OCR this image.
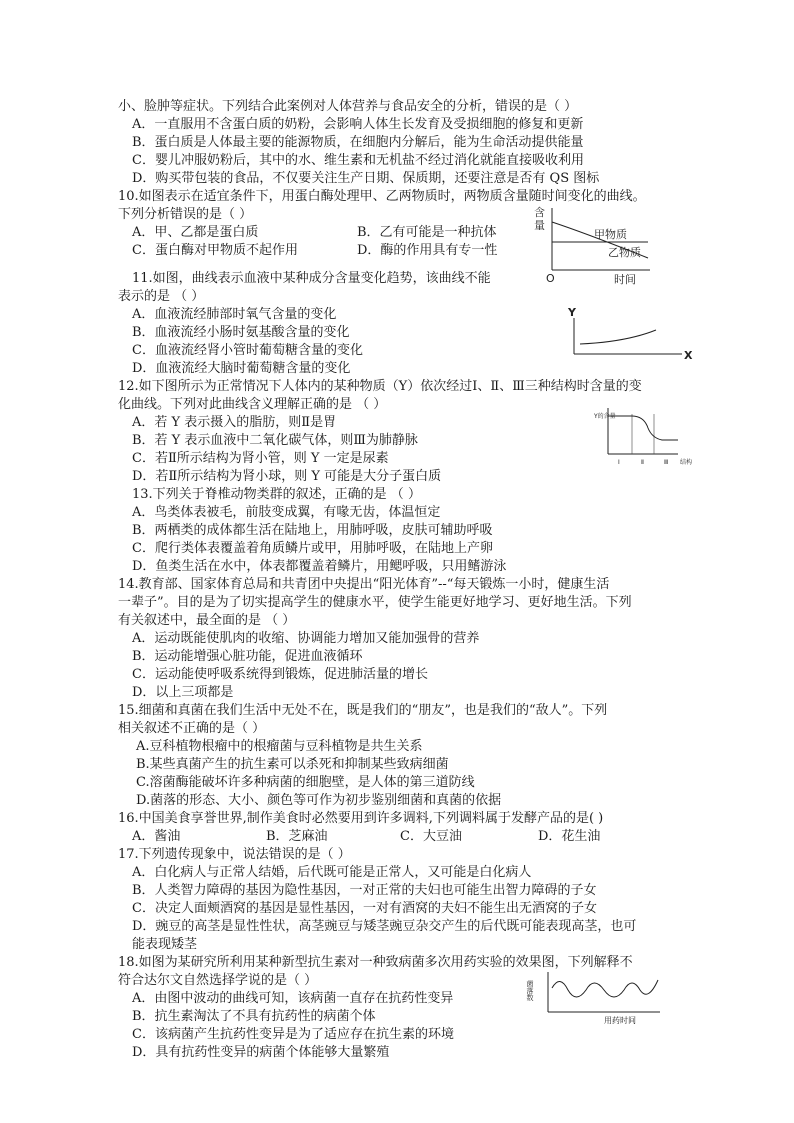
小、脸肿等症状。下列结合此案例对人体营养与食品安全的分析，错误的是（ ）
A．一直服用不含蛋白质的奶粉，会影响人体生长发育及受损细胞的修复和更新
B．蛋白质是人体最主要的能源物质，在细胞内分解后，能为生命活动提供能量
C．婴儿冲服奶粉后，其中的水、维生素和无机盐不经过消化就能直接吸收利用
D．购买带包装的食品，不仅要关注生产日期、保质期，还要注意是否有 QS 图标
10.如图表示在适宜条件下，用蛋白酶处理甲、乙两物质时，两物质含量随时间变化的曲线。
下列分析错误的是（ ）
A．甲、乙都是蛋白质	B．乙有可能是一种抗体
C．蛋白酶对甲物质不起作用	D．酶的作用具有专一性
含
量
甲物质
乙物质
O	时间
11.如图，曲线表示血液中某种成分含量变化趋势，该曲线不能
表示的是 （ ）
A．血液流经肺部时氧气含量的变化
B．血液流经小肠时氨基酸含量的变化
C．血液流经肾小管时葡萄糖含量的变化
D．血液流经大脑时葡萄糖含量的变化
Y
X
12.如下图所示为正常情况下人体内的某种物质（Y）依次经过Ⅰ、Ⅱ、Ⅲ三种结构时含量的变
化曲线。下列对此曲线含义理解正确的是 （ ）
A．若 Y 表示摄入的脂肪，则Ⅱ是胃
B．若 Y 表示血液中二氧化碳气体，则Ⅲ为肺静脉
C．若Ⅱ所示结构为肾小管，则 Y 一定是尿素
D．若Ⅱ所示结构为肾小球，则 Y 可能是大分子蛋白质
Y的含量
Ⅰ	Ⅱ	Ⅲ 结构
13.下列关于脊椎动物类群的叙述，正确的是 （ ）
A．鸟类体表被毛，前肢变成翼，有喙无齿，体温恒定
B．两栖类的成体都生活在陆地上，用肺呼吸，皮肤可辅助呼吸
C．爬行类体表覆盖着角质鳞片或甲，用肺呼吸，在陆地上产卵
D．鱼类生活在水中，体表都覆盖着鳞片，用鳃呼吸，只用鳍游泳
14.教育部、国家体育总局和共青团中央提出“阳光体育”--“每天锻炼一小时，健康生活
一辈子”。目的是为了切实提高学生的健康水平，使学生能更好地学习、更好地生活。下列
有关叙述中，最全面的是 （ ）
A．运动既能使肌肉的收缩、协调能力增加又能加强骨的营养
B．运动能增强心脏功能，促进血液循环
C．运动能使呼吸系统得到锻炼，促进肺活量的增长
D．以上三项都是
15.细菌和真菌在我们生活中无处不在，既是我们的“朋友”，也是我们的“敌人”。下列
相关叙述不正确的是（ ）
A.豆科植物根瘤中的根瘤菌与豆科植物是共生关系
B.某些真菌产生的抗生素可以杀死和抑制某些致病细菌
C.溶菌酶能破坏许多种病菌的细胞壁，是人体的第三道防线
D.菌落的形态、大小、颜色等可作为初步鉴别细菌和真菌的依据
16.中国美食享誉世界,制作美食时必然要用到许多调料,下列调料属于发酵产品的是( )
A．酱油	B．芝麻油	C．大豆油	D．花生油
17.下列遗传现象中，说法错误的是（ ）
A．白化病人与正常人结婚，后代既可能是正常人，又可能是白化病人
B．人类智力障碍的基因为隐性基因，一对正常的夫妇也可能生出智力障碍的子女
C．决定人面颊酒窝的基因是显性基因，一对有酒窝的夫妇不能生出无酒窝的子女
D．豌豆的高茎是显性性状，高茎豌豆与矮茎豌豆杂交产生的后代既可能表现高茎，也可
能表现矮茎
18.如图为某研究所利用某种新型抗生素对一种致病菌多次用药实验的效果图，下列解释不
符合达尔文自然选择学说的是（ ）
A．由图中波动的曲线可知，该病菌一直存在抗药性变异
B．抗生素淘汰了不具有抗药性的病菌个体
C．该病菌产生抗药性变异是为了适应存在抗生素的环境
D．具有抗药性变异的病菌个体能够大量繁殖
菌落数
用药时间
